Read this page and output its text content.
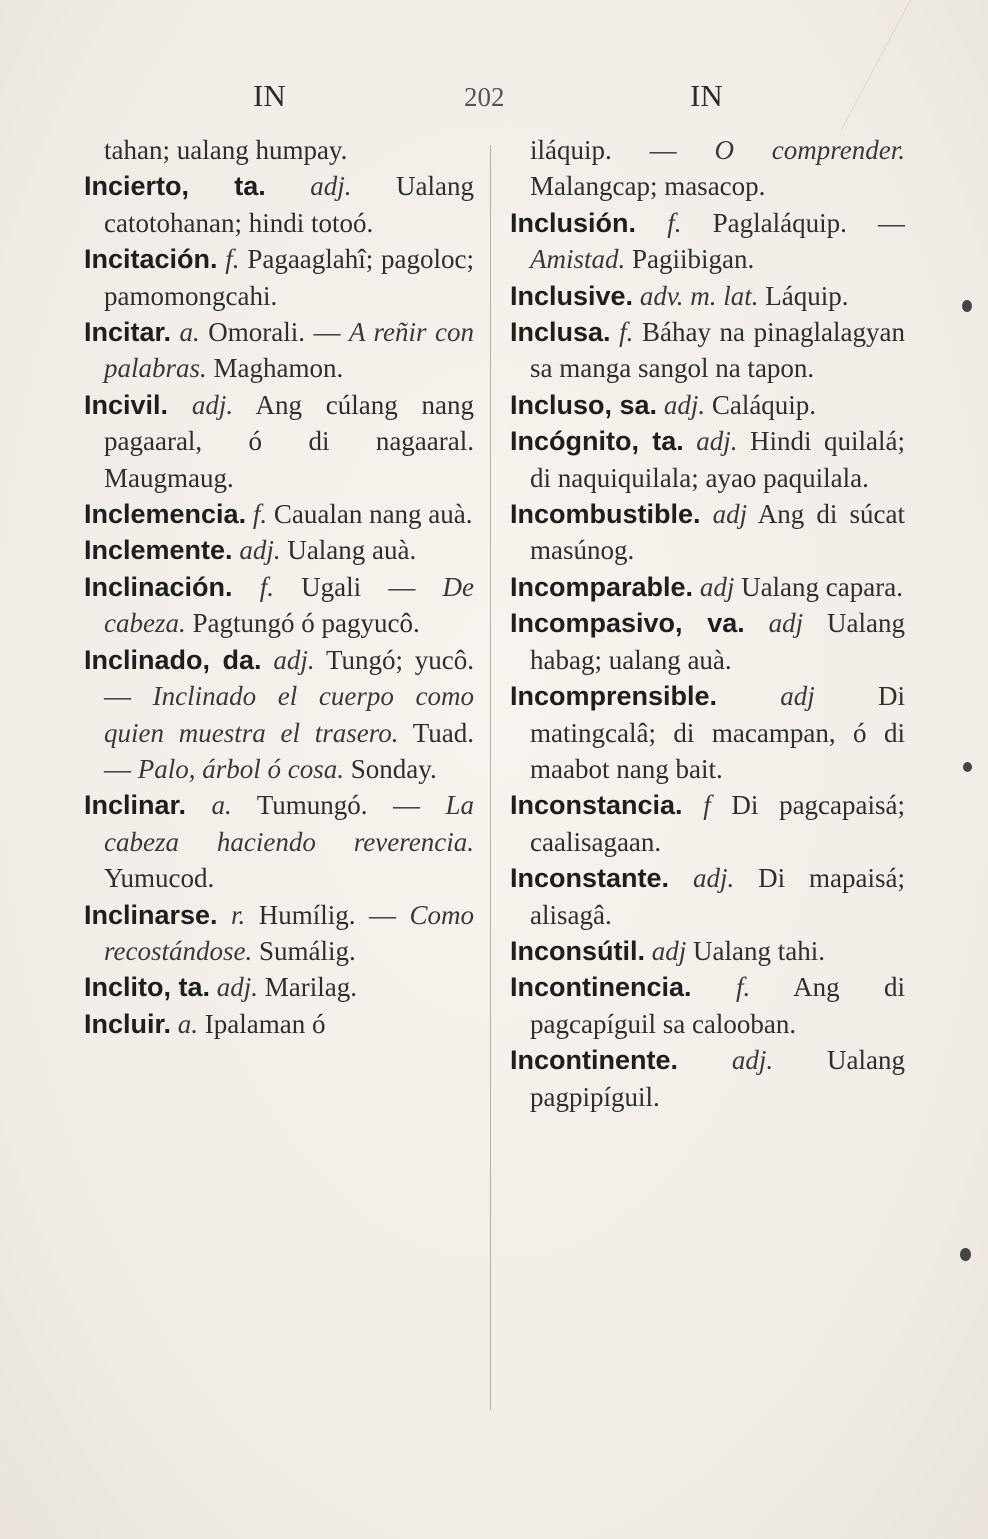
IN	202	IN

tahan; ualang humpay.

Incierto, ta. adj. Ualang catotohanan; hindi totoó.

Incitación. f. Pagaaglahî; pagoloc; pamomongcahi.

Incitar. a. Omorali. — A reñir con palabras. Maghamon.

Incivil. adj. Ang cúlang nang pagaaral, ó di nagaaral. Maugmaug.

Inclemencia. f. Caualan nang auà.

Inclemente. adj. Ualang auà.

Inclinación. f. Ugali — De cabeza. Pagtungó ó pagyucô.

Inclinado, da. adj. Tungó; yucô. — Inclinado el cuerpo como quien muestra el trasero. Tuad. — Palo, árbol ó cosa. Sonday.

Inclinar. a. Tumungó. — La cabeza haciendo reverencia. Yumucod.

Inclinarse. r. Humílig. — Como recostándose. Sumálig.

Inclito, ta. adj. Marilag.

Incluir. a. Ipalaman ó

iláquip. — O comprender. Malangcap; masacop.

Inclusión. f. Paglaláquip. — Amistad. Pagiibigan.

Inclusive. adv. m. lat. Láquip.

Inclusa. f. Báhay na pinaglalagyan sa manga sangol na tapon.

Incluso, sa. adj. Caláquip.

Incógnito, ta. adj. Hindi quilalá; di naquiquilala; ayao paquilala.

Incombustible. adj Ang di súcat masúnog.

Incomparable. adj Ualang capara.

Incompasivo, va. adj Ualang habag; ualang auà.

Incomprensible. adj Di matingcalâ; di macampan, ó di maabot nang bait.

Inconstancia. f Di pagcapaisá; caalisagaan.

Inconstante. adj. Di mapaisá; alisagâ.

Inconsútil. adj Ualang tahi.

Incontinencia. f. Ang di pagcapíguil sa calooban.

Incontinente. adj. Ualang pagpipíguil.
